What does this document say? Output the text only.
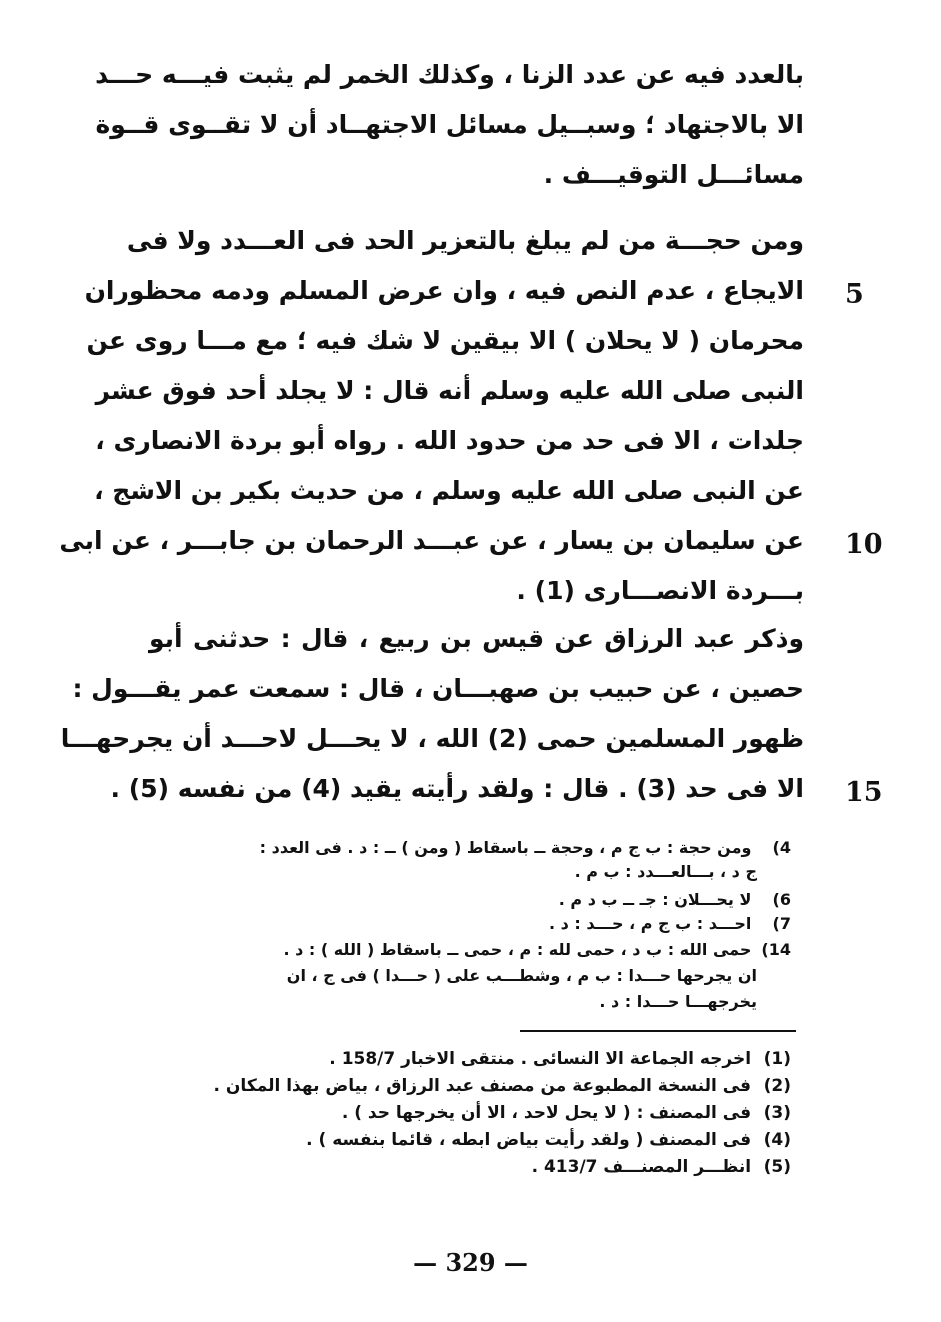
بالعدد فيه عن عدد الزنا ، وكذلك الخمر لم يثبت فيـــه حـــد
الا بالاجتهاد ؛ وسبــيل مسائل الاجتهــاد أن لا تقــوى قــوة
مسائـــل التوقيـــف .
ومن حجـــة من لم يبلغ بالتعزير الحد فى العـــدد ولا فى
الايجاع ، عدم النص فيه ، وان عرض المسلم ودمه محظوران
محرمان ( لا يحلان ) الا بيقين لا شك فيه ؛ مع مـــا روى عن
النبى صلى الله عليه وسلم أنه قال : لا يجلد أحد فوق عشر
جلدات ، الا فى حد من حدود الله . رواه أبو بردة الانصارى ،
عن النبى صلى الله عليه وسلم ، من حديث بكير بن الاشج ،
عن سليمان بن يسار ، عن عبـــد الرحمان بن جابـــر ، عن ابى
بـــردة الانصـــارى (1) .
وذكر عبد الرزاق عن قيس بن ربيع ، قال : حدثنى أبو
حصين ، عن حبيب بن صهبـــان ، قال : سمعت عمر يقـــول :
ظهور المسلمين حمى (2) الله ، لا يحـــل لاحـــد أن يجرحهـــا
الا فى حد (3) . قال : ولقد رأيته يقيد (4) من نفسه (5) .
5
10
15
4) ومن حجة : ب ج م ، وحجة ــ باسقاط ( ومن ) ــ : د . فى العدد :
ج د ، بـــالعـــدد : ب م .
6) لا يحـــلان : جـ ــ ب د م .
7) احـــد : ب ج م ، حـــد : د .
14) حمى الله : ب د ، حمى لله : م ، حمى ــ باسقاط ( الله ) : د .
ان يجرحها حـــدا : ب م ، وشطـــب على ( حـــدا ) فى ج ، ان
يخرجهـــا حـــدا : د .
(1) اخرجه الجماعة الا النسائى . منتقى الاخبار 158/7 .
(2) فى النسخة المطبوعة من مصنف عبد الرزاق ، بياض بهذا المكان .
(3) فى المصنف : ( لا يحل لاحد ، الا أن يخرجها حد ) .
(4) فى المصنف ( ولقد رأيت بياض ابطه ، قائما بنفسه ) .
(5) انظـــر المصنـــف 413/7 .
— 329 —
